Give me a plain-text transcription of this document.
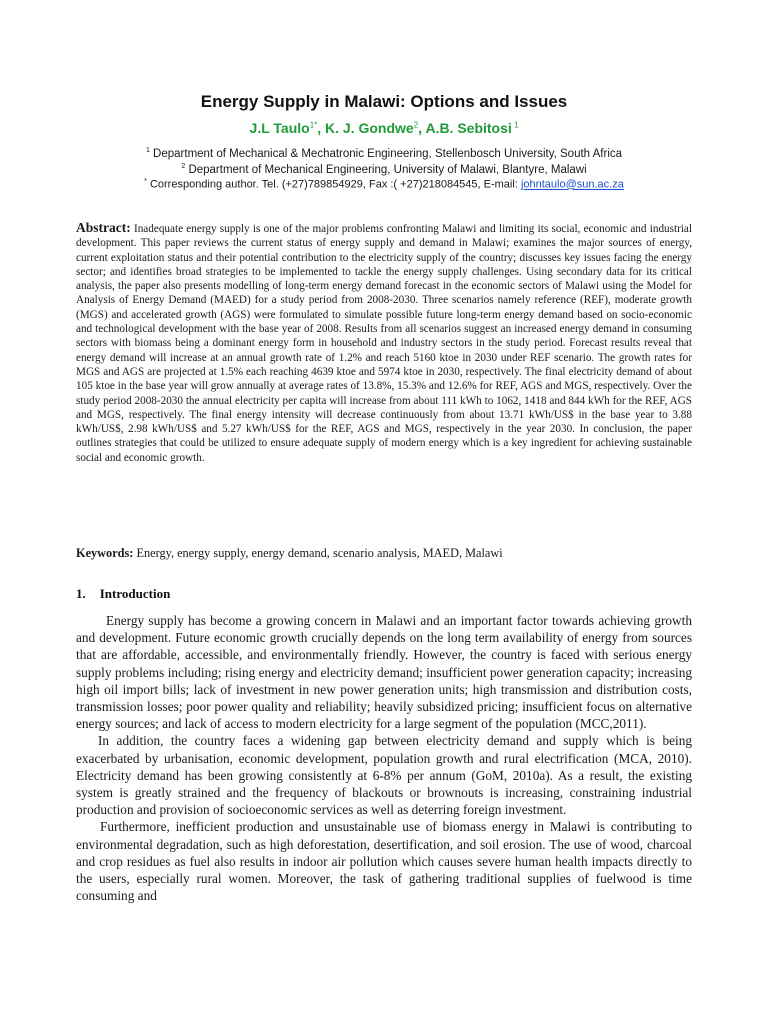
Energy Supply in Malawi: Options and Issues
J.L Taulo$^{1*}$, K. J. Gondwe$^2$, A.B. Sebitosi $^1$
$^1$ Department of Mechanical & Mechatronic Engineering, Stellenbosch University, South Africa
$^2$ Department of Mechanical Engineering, University of Malawi, Blantyre, Malawi
* Corresponding author. Tel. (+27)789854929, Fax :( +27)218084545, E-mail: johntaulo@sun.ac.za
Abstract: Inadequate energy supply is one of the major problems confronting Malawi and limiting its social, economic and industrial development. This paper reviews the current status of energy supply and demand in Malawi; examines the major sources of energy, current exploitation status and their potential contribution to the electricity supply of the country; discusses key issues facing the energy sector; and identifies broad strategies to be implemented to tackle the energy supply challenges. Using secondary data for its critical analysis, the paper also presents modelling of long-term energy demand forecast in the economic sectors of Malawi using the Model for Analysis of Energy Demand (MAED) for a study period from 2008-2030. Three scenarios namely reference (REF), moderate growth (MGS) and accelerated growth (AGS) were formulated to simulate possible future long-term energy demand based on socio-economic and technological development with the base year of 2008. Results from all scenarios suggest an increased energy demand in consuming sectors with biomass being a dominant energy form in household and industry sectors in the study period. Forecast results reveal that energy demand will increase at an annual growth rate of 1.2% and reach 5160 ktoe in 2030 under REF scenario. The growth rates for MGS and AGS are projected at 1.5% each reaching 4639 ktoe and 5974 ktoe in 2030, respectively. The final electricity demand of about 105 ktoe in the base year will grow annually at average rates of 13.8%, 15.3% and 12.6% for REF, AGS and MGS, respectively. Over the study period 2008-2030 the annual electricity per capita will increase from about 111 kWh to 1062, 1418 and 844 kWh for the REF, AGS and MGS, respectively. The final energy intensity will decrease continuously from about 13.71 kWh/US$ in the base year to 3.88 kWh/US$, 2.98 kWh/US$ and 5.27 kWh/US$ for the REF, AGS and MGS, respectively in the year 2030. In conclusion, the paper outlines strategies that could be utilized to ensure adequate supply of modern energy which is a key ingredient for achieving sustainable social and economic growth.
Keywords: Energy, energy supply, energy demand, scenario analysis, MAED, Malawi
1. Introduction

Energy supply has become a growing concern in Malawi and an important factor towards achieving growth and development. Future economic growth crucially depends on the long term availability of energy from sources that are affordable, accessible, and environmentally friendly. However, the country is faced with serious energy supply problems including; rising energy and electricity demand; insufficient power generation capacity; increasing high oil import bills; lack of investment in new power generation units; high transmission and distribution costs, transmission losses; poor power quality and reliability; heavily subsidized pricing; insufficient focus on alternative energy sources; and lack of access to modern electricity for a large segment of the population (MCC,2011).

In addition, the country faces a widening gap between electricity demand and supply which is being exacerbated by urbanisation, economic development, population growth and rural electrification (MCA, 2010). Electricity demand has been growing consistently at 6-8% per annum (GoM, 2010a). As a result, the existing system is greatly strained and the frequency of blackouts or brownouts is increasing, constraining industrial production and provision of socioeconomic services as well as deterring foreign investment.

Furthermore, inefficient production and unsustainable use of biomass energy in Malawi is contributing to environmental degradation, such as high deforestation, desertification, and soil erosion. The use of wood, charcoal and crop residues as fuel also results in indoor air pollution which causes severe human health impacts directly to the users, especially rural women. Moreover, the task of gathering traditional supplies of fuelwood is time consuming and
